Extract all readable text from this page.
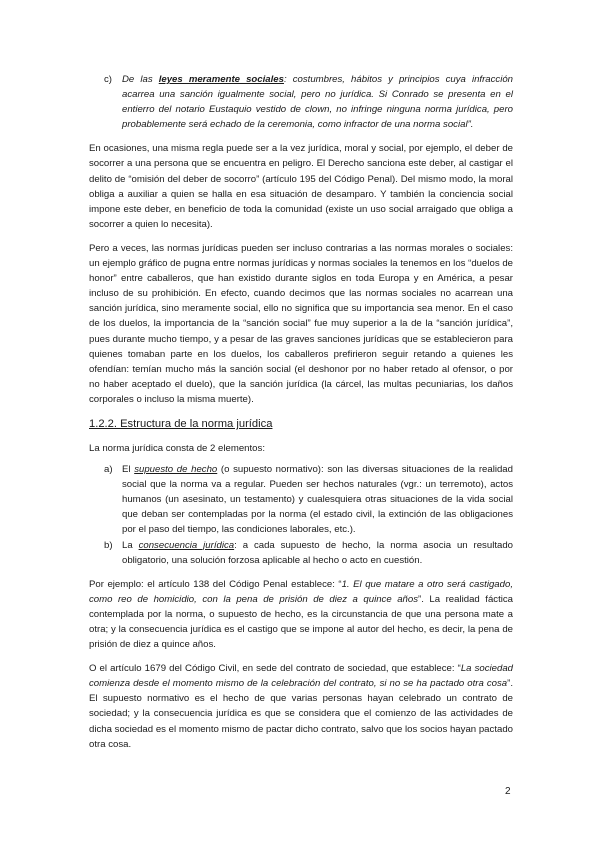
c) De las leyes meramente sociales: costumbres, hábitos y principios cuya infracción acarrea una sanción igualmente social, pero no jurídica. Si Conrado se presenta en el entierro del notario Eustaquio vestido de clown, no infringe ninguna norma jurídica, pero probablemente será echado de la ceremonia, como infractor de una norma social”.

En ocasiones, una misma regla puede ser a la vez jurídica, moral y social, por ejemplo, el deber de socorrer a una persona que se encuentra en peligro. El Derecho sanciona este deber, al castigar el delito de “omisión del deber de socorro” (artículo 195 del Código Penal). Del mismo modo, la moral obliga a auxiliar a quien se halla en esa situación de desamparo. Y también la conciencia social impone este deber, en beneficio de toda la comunidad (existe un uso social arraigado que obliga a socorrer a quien lo necesita).

Pero a veces, las normas jurídicas pueden ser incluso contrarias a las normas morales o sociales: un ejemplo gráfico de pugna entre normas jurídicas y normas sociales la tenemos en los “duelos de honor” entre caballeros, que han existido durante siglos en toda Europa y en América, a pesar incluso de su prohibición. En efecto, cuando decimos que las normas sociales no acarrean una sanción jurídica, sino meramente social, ello no significa que su importancia sea menor. En el caso de los duelos, la importancia de la “sanción social” fue muy superior a la de la “sanción jurídica”, pues durante mucho tiempo, y a pesar de las graves sanciones jurídicas que se establecieron para quienes tomaban parte en los duelos, los caballeros prefirieron seguir retando a quienes les ofendían: temían mucho más la sanción social (el deshonor por no haber retado al ofensor, o por no haber aceptado el duelo), que la sanción jurídica (la cárcel, las multas pecuniarias, los daños corporales o incluso la misma muerte).

1.2.2. Estructura de la norma jurídica

La norma jurídica consta de 2 elementos:

a) El supuesto de hecho (o supuesto normativo): son las diversas situaciones de la realidad social que la norma va a regular. Pueden ser hechos naturales (vgr.: un terremoto), actos humanos (un asesinato, un testamento) y cualesquiera otras situaciones de la vida social que deban ser contempladas por la norma (el estado civil, la extinción de las obligaciones por el paso del tiempo, las condiciones laborales, etc.).

b) La consecuencia jurídica: a cada supuesto de hecho, la norma asocia un resultado obligatorio, una solución forzosa aplicable al hecho o acto en cuestión.

Por ejemplo: el artículo 138 del Código Penal establece: “1. El que matare a otro será castigado, como reo de homicidio, con la pena de prisión de diez a quince años”. La realidad fáctica contemplada por la norma, o supuesto de hecho, es la circunstancia de que una persona mate a otra; y la consecuencia jurídica es el castigo que se impone al autor del hecho, es decir, la pena de prisión de diez a quince años.

O el artículo 1679 del Código Civil, en sede del contrato de sociedad, que establece: “La sociedad comienza desde el momento mismo de la celebración del contrato, si no se ha pactado otra cosa”. El supuesto normativo es el hecho de que varias personas hayan celebrado un contrato de sociedad; y la consecuencia jurídica es que se considera que el comienzo de las actividades de dicha sociedad es el momento mismo de pactar dicho contrato, salvo que los socios hayan pactado otra cosa.

2
